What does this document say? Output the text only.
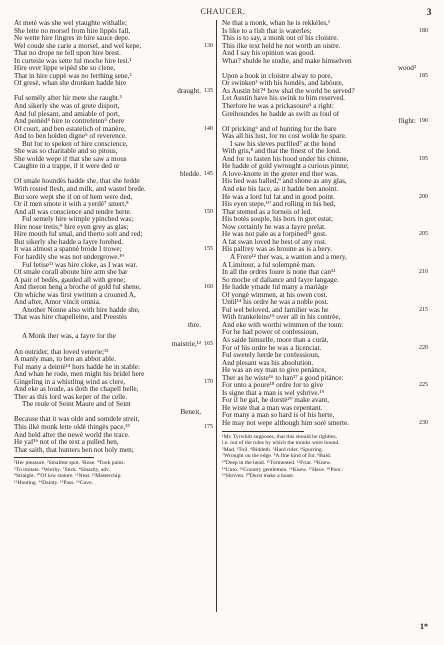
CHAUCER.	3
At metè was she wel ytaughte withalle;
She lette no morsel from hire lippès fall,
Ne wette hire fingres in hire sauce depe.
Wel coude she carie a morsel, and wel kepe,	130
That no drope ne fell upon hire brest.
In curtesie was sette ful moche hire lest.¹
Hire over lippe wipèd she so clene,
That in hire cuppè was no ferthing sene,²
Of gresè, whan she dronken hadde hire
draught. 135
Ful semèly after hir mete she raught.³
And sikerly she was of grete disport,
And ful plesant, and amiable of port,
And peinèd⁴ hire to contrefeten⁵ chere
Of court, and ben estatelich of manère,	140
And to ben holden digne⁶ of reverence.
But for to speken of hire conscience,
She was so charitable and so pitous,
She wolde wepe if that she saw a mous
Caughte in a trappe, if it were ded or
bledde. 145
Of smale houndès hadde she, that she fedde
With rosted flesh, and milk, and wastel brede.
But sore wept she if on of hem were ded,
Or if men smote it with a yerdè⁷ smert,⁸
And all was conscience and tendre herte.	150
Ful semely hire wimple ypinched was;
Hire nose tretis;⁹ hire eyen grey as glas;
Hire mouth ful smal, and therto soft and red;
But sikerly she hadde a fayre forehed.
It was almost a spannè brode I trowe;	155
For hardily she was not undergrowe.¹⁰
Ful fetise¹¹ was hire cloke, as I was war.
Of smale corall aboute hire arm she bar
A pair of bedès, gauded all with grene;
And theron heng a broche of gold ful shene,	160
On whiche was first ywritten a crouned A,
And after, Amor vincit omnia.
Another Nonne also with hire hadde she,
That was hire chapelleine, and Preestès
thre.
A Monk ther was, a fayre for the
maistrie,¹² 165
An outrider, that loved venerie;¹³
A manly man, to ben an abbot able.
Ful many a deintè¹⁴ hors hadde he in stable:
And whan he rode, men might his bridel here
Gingeling in a whistling wind as clere,	170
And eke as loude, as doth the chapell belle,
Ther as this lord was keper of the celle.
The reule of Seint Maure and of Seint
Beneit,
Because that it was olde and somdele streit,
This ilkè monk lette oldè thingès pace,¹⁵	175
And held after the newè world the trace.
He yaf¹⁶ not of the text a pulled hen,
That saith, that hunters ben not holy men;
¹Her pleasure. ²Smallest spot. ³Rose. ⁴Took pains.
⁵To imitate. ⁶Worthy. ⁷Stick. ⁸Smartly, adv.
⁹Straight. ¹⁰Of low stature. ¹¹Neat. ¹²Masterchip.
¹³Hunting. ¹⁴Dainty. ¹⁵Pass. ¹⁶Gave.
Ne that a monk, whan he is rekkèles,¹
Is like to a fish that is waterles;	180
This is to say, a monk out of his cloistre.
This ilke text held he not worth an oistre.
And I say his opinion was good.
What? shulde he studie, and make himselven
wood²
Upon a book in cloistre alway to pore,	185
Or swinken³ with his hondès, and labòure,
As Austin bit?⁴ how shal the world be served?
Let Austin have his swink to him reserved.
Therfore he was a prickasoure⁵ a right:
Greihoundes he hadde as swift as foul of
flight: 190
Of pricking⁶ and of hunting for the hare
Was all his lust, for no cost wolde he spare.
I saw his sleves purfiled⁷ at the hond
With gris,⁸ and that the finest of the lond.
And for to fasten his hood under his chinne,	195
He hadde of gold ywrought a curious pinne;
A love-knotte in the greter end ther was.
His hed was balled,⁹ and shone as any glas,
And eke his face, as it hadde ben anoint.
He was a lord ful fat and in good point.	200
His eyen stepe,¹⁰ and rolling in his hed,
That stemed as a forneis of led.
His botès souple, his hors in gret estat;
Now certainly he was a fayre prelat.
He was not pale as a forpined¹¹ gost.	205
A fat swan loved he best of any rost.
His palfrey was as broune as is a bery.
A Frere¹² ther was, a wanton and a mery,
A Limitour, a ful solempnè man.
In all the ordres foure is none that can¹³	210
So moche of daliance and fayre langage.
He hadde ymade ful many a mariàge
Of yongè wimmen, at his owen cost.
Until¹⁴ his ordre he was a noble post.
Ful wel beloved, and familier was he	215
With frankeleins¹⁵ over all in his contrèe,
And eke with worthi wimmen of the toun:
For he had power of confessioun,
As saide himselfe, more than a curàt,
For of his ordre he was a licenciat.	220
Ful swetely herde he confessioun,
And plesant was his absolution.
He was an esy man to give penànce,
Ther as he wiste¹⁶ to han¹⁷ a good pitànce:
For unto a poure¹⁸ ordre for to give	225
Is signe that a man is wel yshrive.¹⁹
For if he gaf, he dorstè²⁰ make avant,
He wiste that a man was repentant.
For many a man so hard is of his herte,
He may not wepe although him sorè smerte.	230
¹Mr. Tyrwhitt supposes, that this should be rightles,
i.e. out of the rules by which the monks were bound.
²Mad. ³Toil. ⁴Biddeth. ⁵Hard rider. ⁶Spurring.
⁷Wrought on the edge. ⁸A fine kind of fur. ⁹Bald.
¹⁰Deep in the head. ¹¹Tormented. ¹²Friar. ¹³Knew.
¹⁴Unto. ¹⁵Country gentlemen. ¹⁶Knew. ¹⁷Have. ¹⁸Poor.
¹⁹Shriven. ²⁰Durst make a boast.
1*
